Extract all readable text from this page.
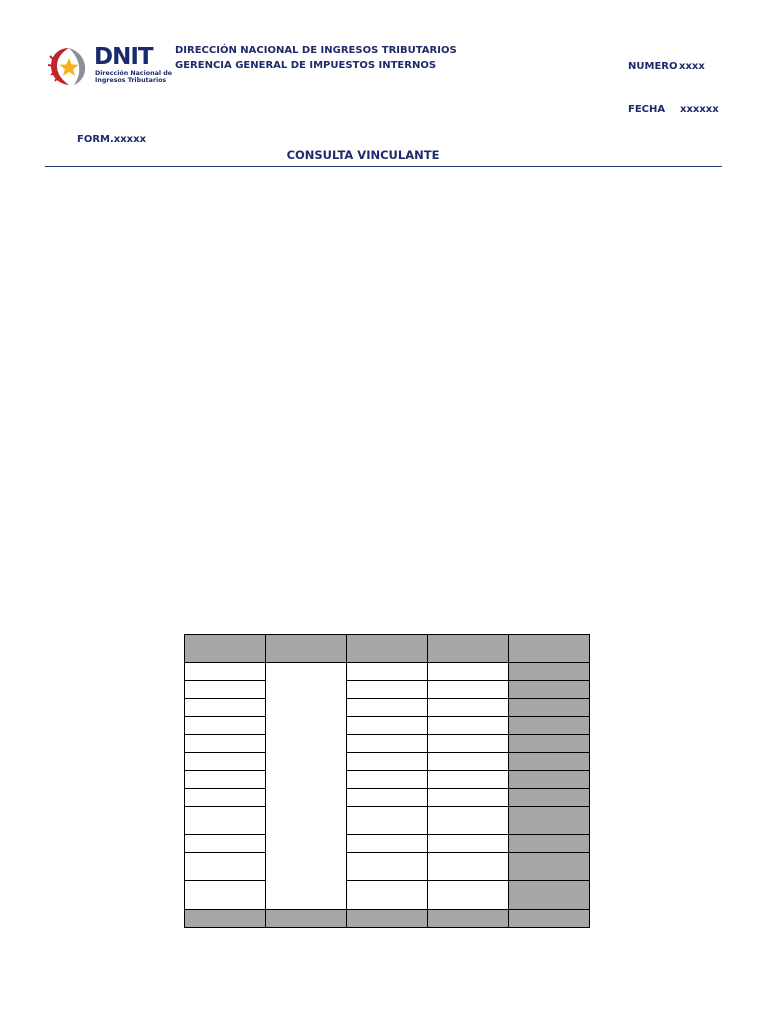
DNIT
Dirección Nacional de
Ingresos Tributarios
DIRECCIÓN NACIONAL DE INGRESOS TRIBUTARIOS
GERENCIA GENERAL DE IMPUESTOS INTERNOS	NUMERO xxxx
FECHA xxxxxx
FORM.xxxxx
CONSULTA VINCULANTE
